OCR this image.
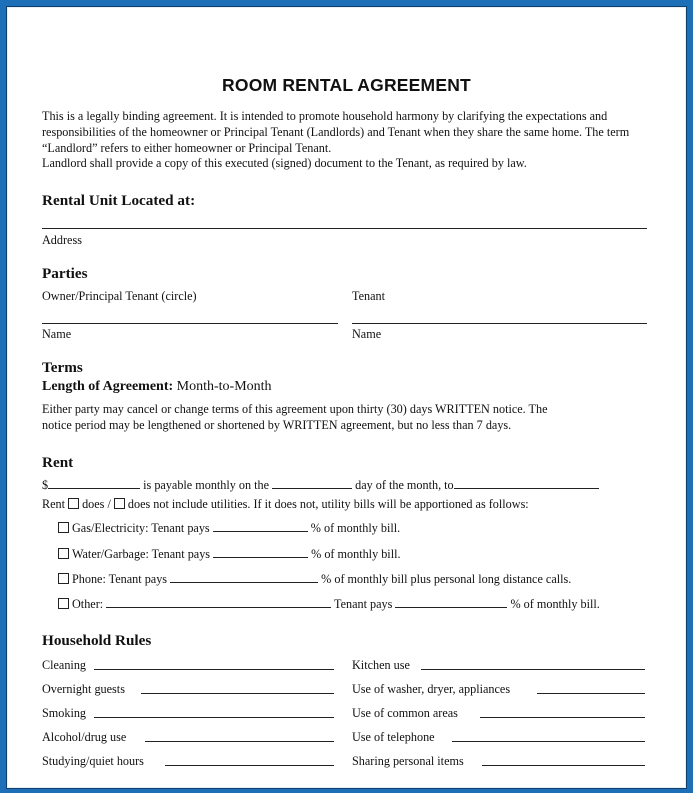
ROOM RENTAL AGREEMENT

This is a legally binding agreement. It is intended to promote household harmony by clarifying the expectations and responsibilities of the homeowner or Principal Tenant (Landlords) and Tenant when they share the same home. The term “Landlord” refers to either homeowner or Principal Tenant.

Landlord shall provide a copy of this executed (signed) document to the Tenant, as required by law.

Rental Unit Located at:
Address
Parties
Owner/Principal Tenant (circle)	Tenant
Name	Name
Terms
Length of Agreement: Month-to-Month
Either party may cancel or change terms of this agreement upon thirty (30) days WRITTEN notice. The
notice period may be lengthened or shortened by WRITTEN agreement, but no less than 7 days.
Rent
$	is payable monthly on the	day of the month, to
Rent does / does not include utilities. If it does not, utility bills will be apportioned as follows:
Gas/Electricity: Tenant pays	% of monthly bill.
Water/Garbage: Tenant pays	% of monthly bill.
Phone: Tenant pays	% of monthly bill plus personal long distance calls.
Other:	Tenant pays	% of monthly bill.
Household Rules
Cleaning	Kitchen use
Overnight guests	Use of washer, dryer, appliances
Smoking	Use of common areas
Alcohol/drug use	Use of telephone
Studying/quiet hours	Sharing personal items
